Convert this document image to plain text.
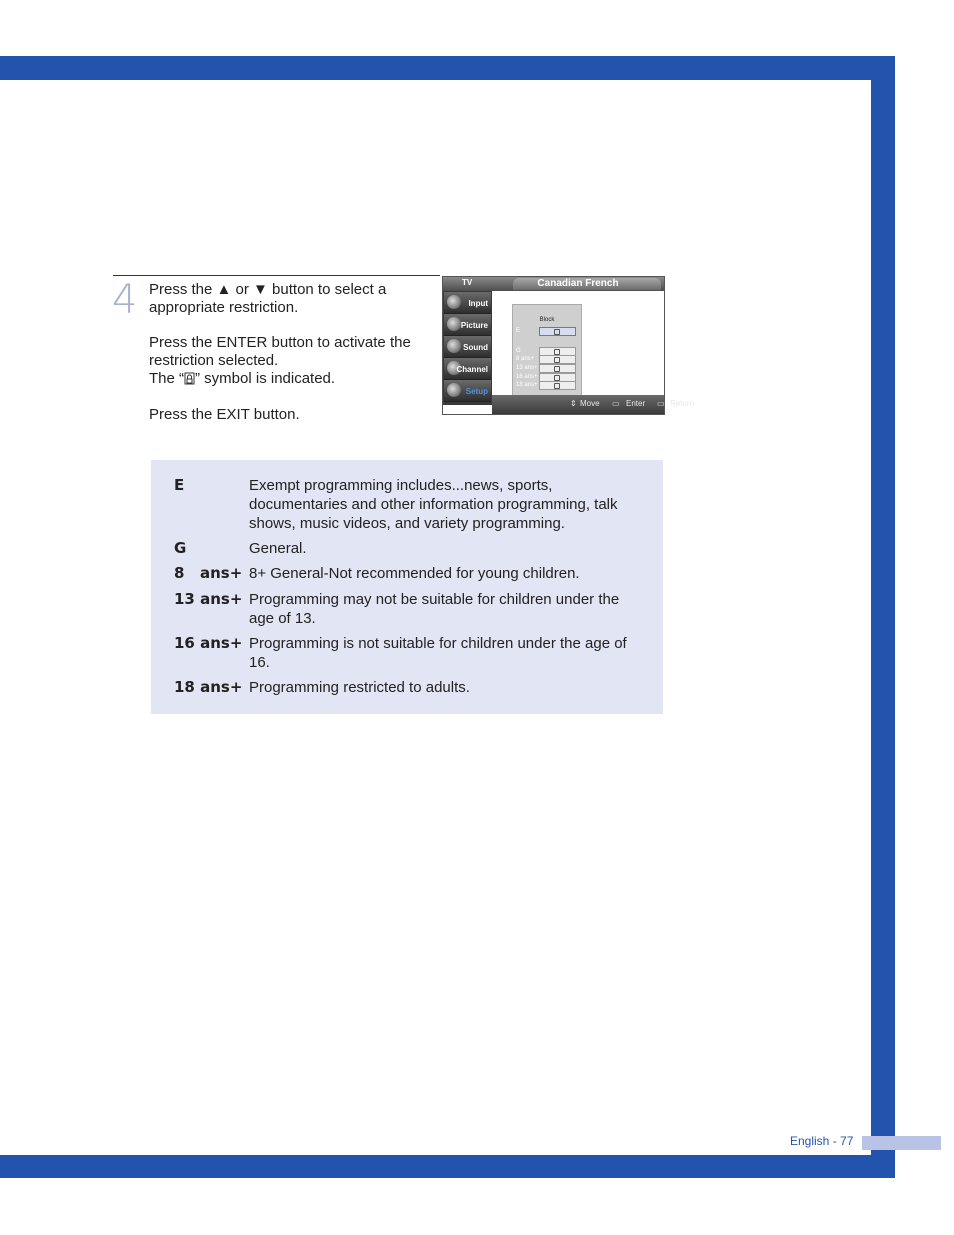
4 Press the ▲ or ▼ button to select a appropriate restriction.

Press the ENTER button to activate the restriction selected.

The “ ” symbol is indicated.

Press the EXIT button.

TV	Canadian French
Input
Picture
Sound
Channel
Setup
Block
E
G
8 ans+
13 ans+
16 ans+
18 ans+
⇕ Move ▭ Enter ▭ Return
E	Exempt programming includes...news, sports, documentaries and other information programming, talk shows, music videos, and variety programming.
G	General.
8 ans+ 8+ General-Not recommended for young children.
13 ans+ Programming may not be suitable for children under the age of 13.
16 ans+ Programming is not suitable for children under the age of 16.
18 ans+ Programming restricted to adults.
English - 77
